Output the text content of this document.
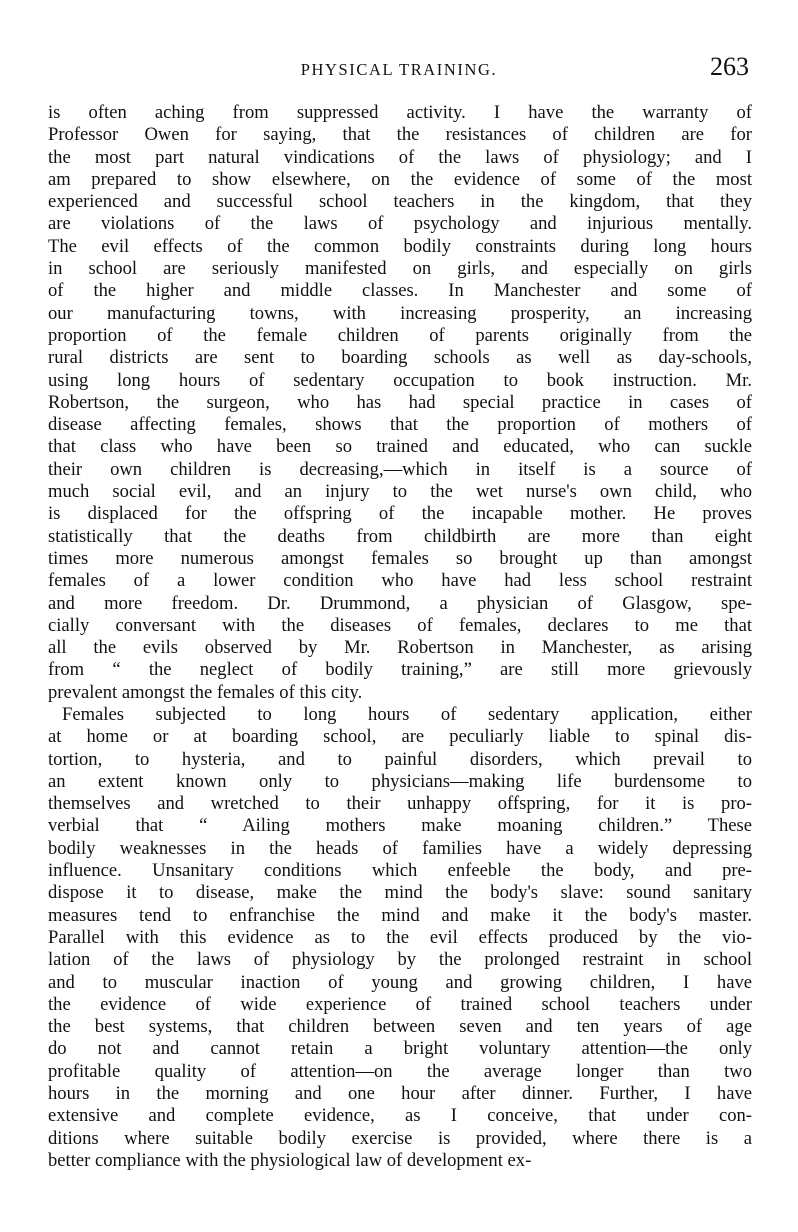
PHYSICAL TRAINING.	263
is often aching from suppressed activity. I have the warranty of
Professor Owen for saying, that the resistances of children are for
the most part natural vindications of the laws of physiology; and I
am prepared to show elsewhere, on the evidence of some of the most
experienced and successful school teachers in the kingdom, that they
are violations of the laws of psychology and injurious mentally.
The evil effects of the common bodily constraints during long hours
in school are seriously manifested on girls, and especially on girls
of the higher and middle classes. In Manchester and some of
our manufacturing towns, with increasing prosperity, an increasing
proportion of the female children of parents originally from the
rural districts are sent to boarding schools as well as day-schools,
using long hours of sedentary occupation to book instruction. Mr.
Robertson, the surgeon, who has had special practice in cases of
disease affecting females, shows that the proportion of mothers of
that class who have been so trained and educated, who can suckle
their own children is decreasing,—which in itself is a source of
much social evil, and an injury to the wet nurse's own child, who
is displaced for the offspring of the incapable mother. He proves
statistically that the deaths from childbirth are more than eight
times more numerous amongst females so brought up than amongst
females of a lower condition who have had less school restraint
and more freedom. Dr. Drummond, a physician of Glasgow, spe-
cially conversant with the diseases of females, declares to me that
all the evils observed by Mr. Robertson in Manchester, as arising
from “ the neglect of bodily training,” are still more grievously
prevalent amongst the females of this city.
Females subjected to long hours of sedentary application, either
at home or at boarding school, are peculiarly liable to spinal dis-
tortion, to hysteria, and to painful disorders, which prevail to
an extent known only to physicians—making life burdensome to
themselves and wretched to their unhappy offspring, for it is pro-
verbial that “ Ailing mothers make moaning children.” These
bodily weaknesses in the heads of families have a widely depressing
influence. Unsanitary conditions which enfeeble the body, and pre-
dispose it to disease, make the mind the body's slave: sound sanitary
measures tend to enfranchise the mind and make it the body's master.
Parallel with this evidence as to the evil effects produced by the vio-
lation of the laws of physiology by the prolonged restraint in school
and to muscular inaction of young and growing children, I have
the evidence of wide experience of trained school teachers under
the best systems, that children between seven and ten years of age
do not and cannot retain a bright voluntary attention—the only
profitable quality of attention—on the average longer than two
hours in the morning and one hour after dinner. Further, I have
extensive and complete evidence, as I conceive, that under con-
ditions where suitable bodily exercise is provided, where there is a
better compliance with the physiological law of development ex-
